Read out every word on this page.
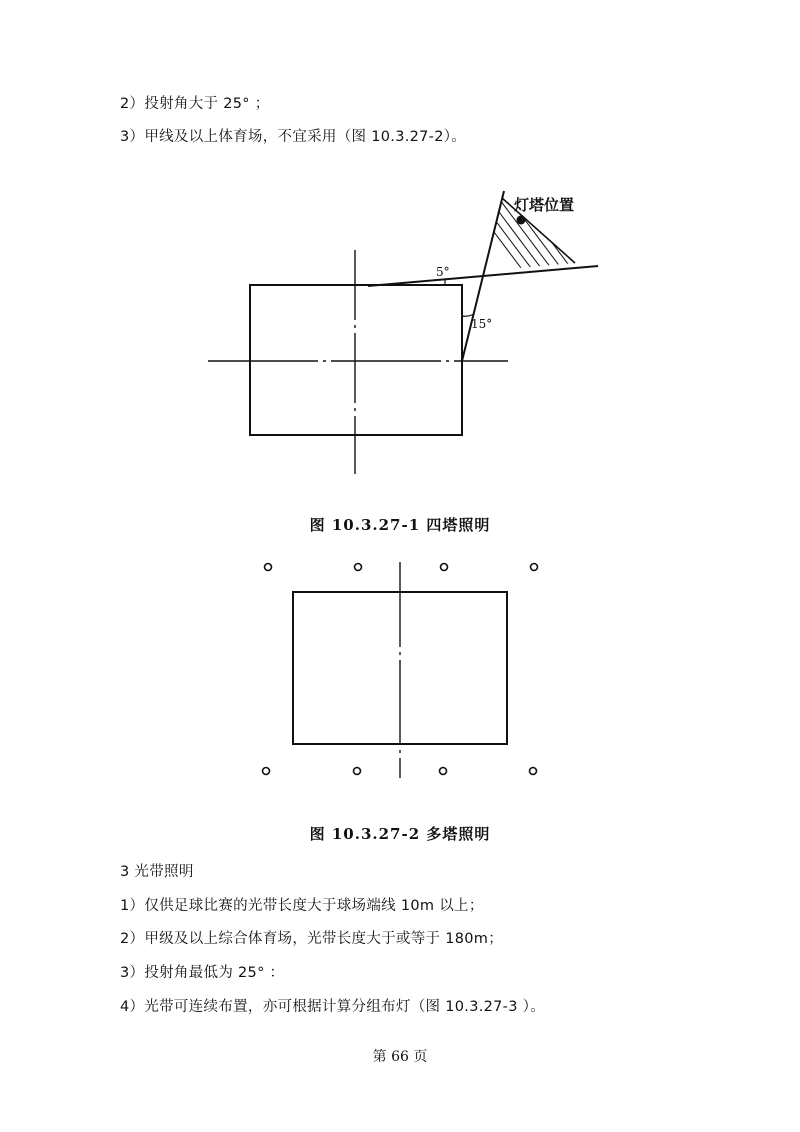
2）投射角大于 25° ；
3）甲线及以上体育场，不宜采用（图 10.3.27-2）。
灯塔位置
5°
15°
图 10.3.27-1 四塔照明
图 10.3.27-2 多塔照明
3 光带照明
1）仅供足球比赛的光带长度大于球场端线 10m 以上；
2）甲级及以上综合体育场，光带长度大于或等于 180m；
3）投射角最低为 25° ：
4）光带可连续布置，亦可根据计算分组布灯（图 10.3.27-3 ）。
第 66 页
